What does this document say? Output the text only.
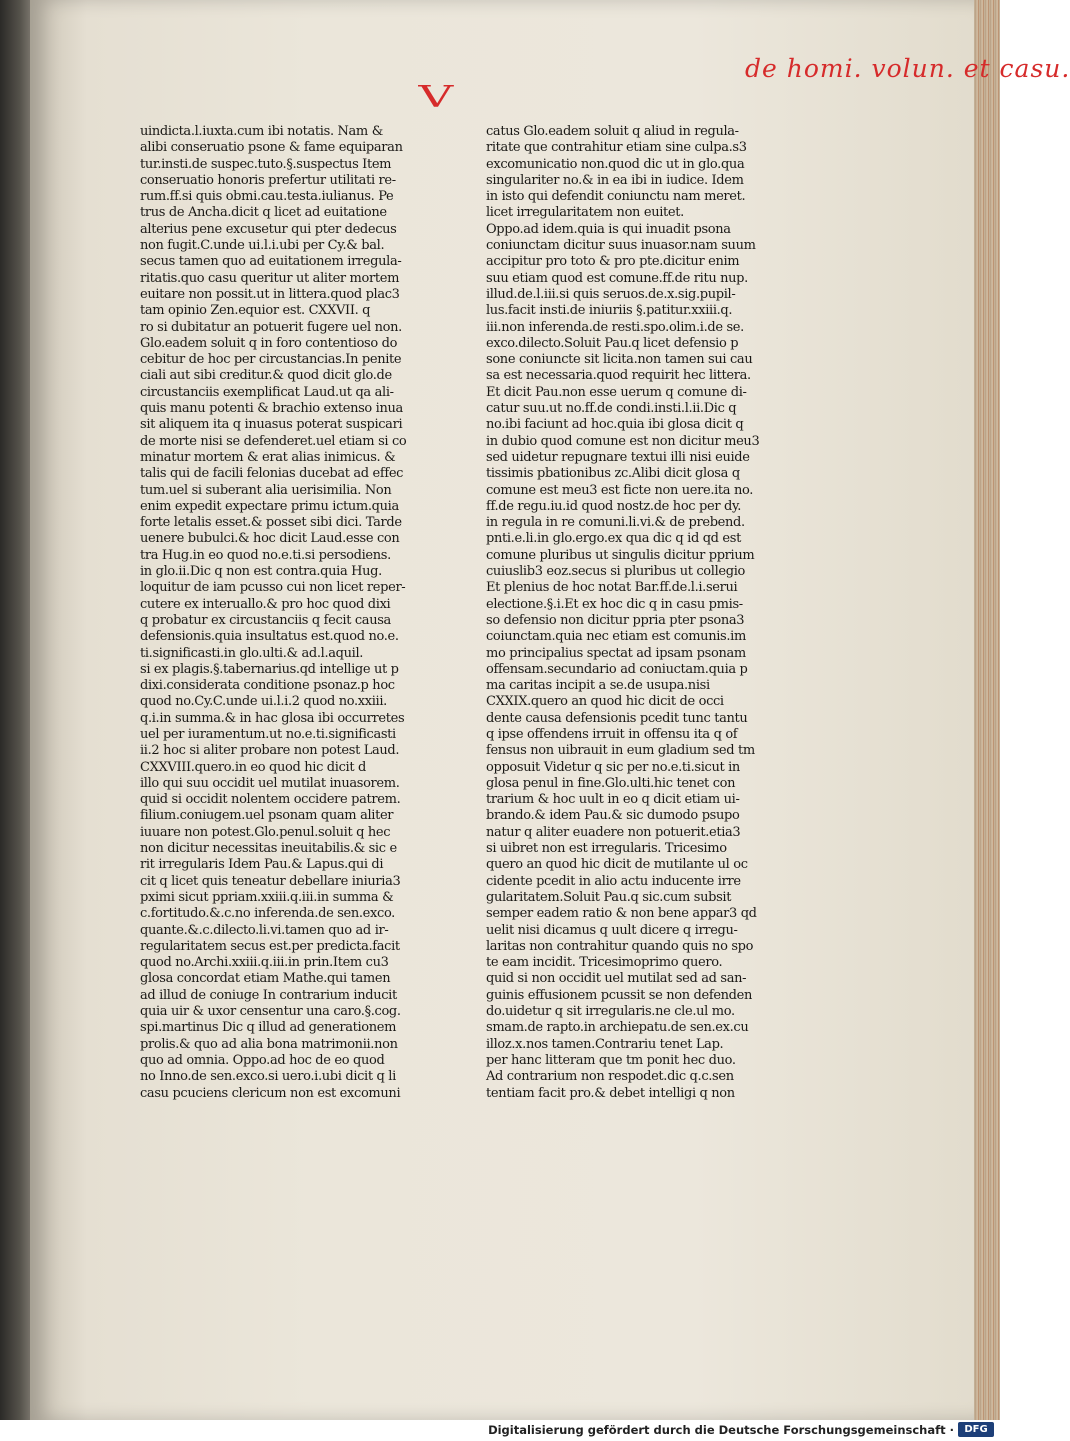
de homi. volun. et casu.
V
uindicta.l.iuxta.cum ibi notatis. Nam &
alibi conseruatio psone & fame equiparan
tur.insti.de suspec.tuto.§.suspectus Item
conseruatio honoris prefertur utilitati re-
rum.ff.si quis obmi.cau.testa.iulianus. Pe
trus de Ancha.dicit q licet ad euitatione
alterius pene excusetur qui pter dedecus
non fugit.C.unde ui.l.i.ubi per Cy.& bal.
secus tamen quo ad euitationem irregula-
ritatis.quo casu queritur ut aliter mortem
euitare non possit.ut in littera.quod plac3
tam opinio Zen.equior est. CXXVII. q
ro si dubitatur an potuerit fugere uel non.
Glo.eadem soluit q in foro contentioso do
cebitur de hoc per circustancias.In penite
ciali aut sibi creditur.& quod dicit glo.de
circustanciis exemplificat Laud.ut qa ali-
quis manu potenti & brachio extenso inua
sit aliquem ita q inuasus poterat suspicari
de morte nisi se defenderet.uel etiam si co
minatur mortem & erat alias inimicus. &
talis qui de facili felonias ducebat ad effec
tum.uel si suberant alia uerisimilia. Non
enim expedit expectare primu ictum.quia
forte letalis esset.& posset sibi dici. Tarde
uenere bubulci.& hoc dicit Laud.esse con
tra Hug.in eo quod no.e.ti.si persodiens.
in glo.ii.Dic q non est contra.quia Hug.
loquitur de iam pcusso cui non licet reper-
cutere ex interuallo.& pro hoc quod dixi
q probatur ex circustanciis q fecit causa
defensionis.quia insultatus est.quod no.e.
ti.significasti.in glo.ulti.& ad.l.aquil.
si ex plagis.§.tabernarius.qd intellige ut p
dixi.considerata conditione psonaz.p hoc
quod no.Cy.C.unde ui.l.i.2 quod no.xxiii.
q.i.in summa.& in hac glosa ibi occurretes
uel per iuramentum.ut no.e.ti.significasti
ii.2 hoc si aliter probare non potest Laud.
CXXVIII.quero.in eo quod hic dicit d
illo qui suu occidit uel mutilat inuasorem.
quid si occidit nolentem occidere patrem.
filium.coniugem.uel psonam quam aliter
iuuare non potest.Glo.penul.soluit q hec
non dicitur necessitas ineuitabilis.& sic e
rit irregularis Idem Pau.& Lapus.qui di
cit q licet quis teneatur debellare iniuria3
pximi sicut ppriam.xxiii.q.iii.in summa &
c.fortitudo.&.c.no inferenda.de sen.exco.
quante.&.c.dilecto.li.vi.tamen quo ad ir-
regularitatem secus est.per predicta.facit
quod no.Archi.xxiii.q.iii.in prin.Item cu3
glosa concordat etiam Mathe.qui tamen
ad illud de coniuge In contrarium inducit
quia uir & uxor censentur una caro.§.cog.
spi.martinus Dic q illud ad generationem
prolis.& quo ad alia bona matrimonii.non
quo ad omnia. Oppo.ad hoc de eo quod
no Inno.de sen.exco.si uero.i.ubi dicit q li
casu pcuciens clericum non est excomuni
catus Glo.eadem soluit q aliud in regula-
ritate que contrahitur etiam sine culpa.s3
excomunicatio non.quod dic ut in glo.qua
singulariter no.& in ea ibi in iudice. Idem
in isto qui defendit coniunctu nam meret.
licet irregularitatem non euitet.
Oppo.ad idem.quia is qui inuadit psona
coniunctam dicitur suus inuasor.nam suum
accipitur pro toto & pro pte.dicitur enim
suu etiam quod est comune.ff.de ritu nup.
illud.de.l.iii.si quis seruos.de.x.sig.pupil-
lus.facit insti.de iniuriis §.patitur.xxiii.q.
iii.non inferenda.de resti.spo.olim.i.de se.
exco.dilecto.Soluit Pau.q licet defensio p
sone coniuncte sit licita.non tamen sui cau
sa est necessaria.quod requirit hec littera.
Et dicit Pau.non esse uerum q comune di-
catur suu.ut no.ff.de condi.insti.l.ii.Dic q
no.ibi faciunt ad hoc.quia ibi glosa dicit q
in dubio quod comune est non dicitur meu3
sed uidetur repugnare textui illi nisi euide
tissimis pbationibus zc.Alibi dicit glosa q
comune est meu3 est ficte non uere.ita no.
ff.de regu.iu.id quod nostz.de hoc per dy.
in regula in re comuni.li.vi.& de prebend.
pnti.e.li.in glo.ergo.ex qua dic q id qd est
comune pluribus ut singulis dicitur pprium
cuiuslib3 eoz.secus si pluribus ut collegio
Et plenius de hoc notat Bar.ff.de.l.i.serui
electione.§.i.Et ex hoc dic q in casu pmis-
so defensio non dicitur ppria pter psona3
coiunctam.quia nec etiam est comunis.im
mo principalius spectat ad ipsam psonam
offensam.secundario ad coniuctam.quia p
ma caritas incipit a se.de usupa.nisi
CXXIX.quero an quod hic dicit de occi
dente causa defensionis pcedit tunc tantu
q ipse offendens irruit in offensu ita q of
fensus non uibrauit in eum gladium sed tm
opposuit Videtur q sic per no.e.ti.sicut in
glosa penul in fine.Glo.ulti.hic tenet con
trarium & hoc uult in eo q dicit etiam ui-
brando.& idem Pau.& sic dumodo psupo
natur q aliter euadere non potuerit.etia3
si uibret non est irregularis. Tricesimo
quero an quod hic dicit de mutilante ul oc
cidente pcedit in alio actu inducente irre
gularitatem.Soluit Pau.q sic.cum subsit
semper eadem ratio & non bene appar3 qd
uelit nisi dicamus q uult dicere q irregu-
laritas non contrahitur quando quis no spo
te eam incidit. Tricesimoprimo quero.
quid si non occidit uel mutilat sed ad san-
guinis effusionem pcussit se non defenden
do.uidetur q sit irregularis.ne cle.ul mo.
smam.de rapto.in archiepatu.de sen.ex.cu
illoz.x.nos tamen.Contrariu tenet Lap.
per hanc litteram que tm ponit hec duo.
Ad contrarium non respodet.dic q.c.sen
tentiam facit pro.& debet intelligi q non
Digitalisierung gefördert durch die Deutsche Forschungsgemeinschaft ·	DFG
